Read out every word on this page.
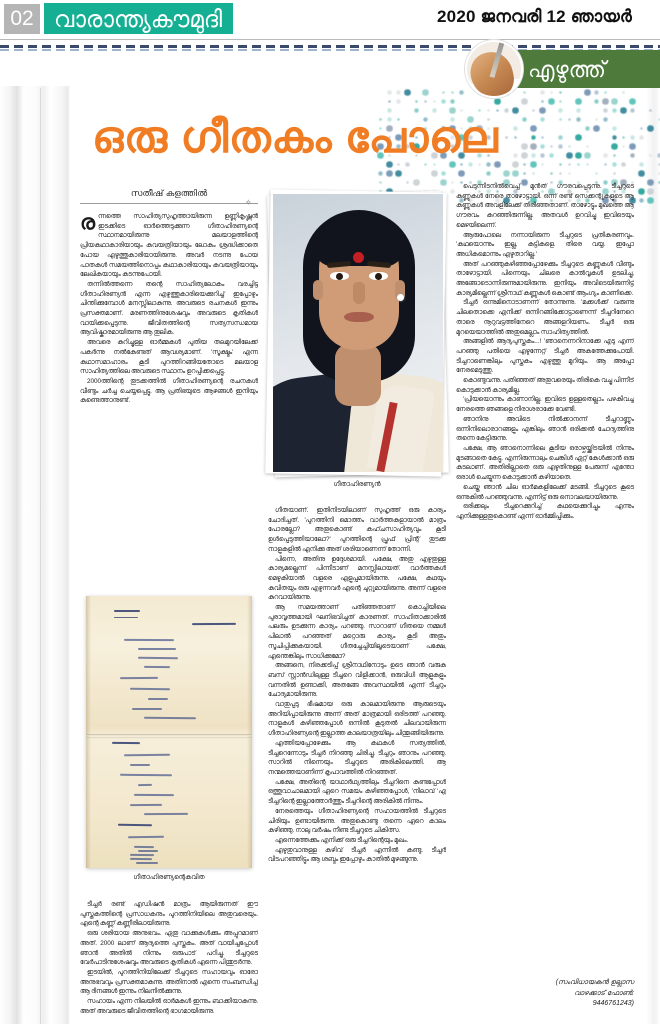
02 വാരാന്ത്യകൗമുദി	2020 ജനവരി 12 ഞായർ
എഴുത്ത്
ഒരു ഗീതകം പോലെ
സതീഷ് കളത്തിൽ
✧
ഗീതാഹിരണ്യൻ
ഗീതാഹിരണ്യന്റെകവിത

രന്നത്തെ സാഹിത്യസുഹൃത്തായിരുന്ന ഉണ്ണികൃഷ്ണൻ ഇടക്കിടെ ഓർത്തെടുക്കുന്ന ഗീതാഹിരണ്യന്റെ സ്ഥാനമായിരുന്നു മലയാളത്തിന്റെ പ്രിയകഥാകാരിയായും കവയത്രിയായും ലോകം ശ്രദ്ധിക്കാതെ പോയ എഴുത്തുകാരിയായിരുന്നു. അവർ നടന്നു പോയ പാതകൾ സമയത്തിനൊപ്പം കഥാകാരിയായും കവയത്രിയായും ലേഖികയായും കടന്നുപോയി.

തന്നിൽത്തന്നെ തന്റെ സാഹിത്യലോകം വരച്ചിട്ട ഗീതാഹിരണ്യൻ എന്ന എഴുത്തുകാരിയെക്കുറിച്ച് ഇപ്പോഴും ചിന്തിക്കുമ്പോൾ മനസ്സിലാകുന്നു. അവരുടെ രചനകൾ ഇന്നും പ്രസക്തമാണ്. മരണത്തിനുശേഷവും അവരുടെ കൃതികൾ വായിക്കപ്പെടുന്നു. ജീവിതത്തിന്റെ സത്യസന്ധമായ ആവിഷ്കാരമായിരുന്നു ആ തൂലിക.

അവരെ കുറിച്ചുള്ള ഓർമ്മകൾ പുതിയ തലമുറയിലേക്ക് പകർന്നു നൽകേണ്ടത് ആവശ്യമാണ്. 'സൂക്ഷ്മം' എന്ന കഥാസമാഹാരം കൂടി പുറത്തിറങ്ങിയതോടെ മലയാള സാഹിത്യത്തിലെ അവരുടെ സ്ഥാനം ഉറപ്പിക്കപ്പെട്ടു.

2000ത്തിന്റെ തുടക്കത്തിൽ ഗീതാഹിരണ്യന്റെ രചനകൾ വീണ്ടും ചർച്ച ചെയ്യപ്പെട്ടു. ആ പ്രതിഭയുടെ ആഴങ്ങൾ ഇനിയും കണ്ടെത്താനുണ്ട്.

ഗീതയാണ്. ഇതിനിടയിലാണ് സുഹൃത്ത് ഒരു കാര്യം ചോദിച്ചത്. 'പുറത്തിനി മൊത്തം വാർത്തകളായാൽ മാത്രം പോരല്ലോ? അതുകൊണ്ട് കഹ്ചസാഹിത്യവും കൂടി ഉൾപ്പെടുത്തിയാലോ?' പുറത്തിന്റെ പ്രൂഫ് പ്രിന്റ് തുടക്ക നാളുകളിൽ എനിക്കു അത് ശരിയാണെന്ന് തോന്നി.

പിന്നെ, അതിനു ഉദ്ദേശമായി. പക്ഷേ, അതു എഴുതുള്ള കാര്യമല്ലെന്ന് പിന്നീടാണ് മനസ്സിലായത്. വാർത്തകൾ മെഴുകിയാൽ വളരെ എളുപ്പമായിരുന്നു. പക്ഷേ, കഥയും കവിതയും ഒരു എഴുന്നവർ എന്റെ ചുറ്റുമായിരുന്നു. അന്ന് വളരെ കുറവായിരുന്നു.

ആ സമയത്താണ് പതിഞ്ഞതാണ് കൊച്ചിയിലെ പുരാവൃത്തമായി ഘനിഭവിച്ചത് കാരണത്. സാഹിതാക്കാരിൽ പലരും ഉടക്കുന്ന കാര്യം പറഞ്ഞു. സാറാണ് ഗീതയെ നമ്മൾ പിലാൽ പറഞ്ഞത് മറ്റൊരു കാര്യം കൂടി അതും സൂചിപ്പിക്കുകയായി. ഗീതച്ചേച്ചിയിലൂടെയാണ് പക്ഷേ, എന്തെങ്കിലും സാധിക്കുമോ?

അങ്ങനെ, നിരക്കടിപ്പ് ശ്രീനാഥിനോടും ഉടെ ഞാൻ വരുക ബസ് സ്റ്റാൻഡിലുള്ള ടീച്ചറെ വിളിക്കാൻ, ഒരുവിധി ആളുകളും വന്നതിൽ ഉണ്ടാക്കി, അതങ്ങേ അവസ്ഥയിൽ എന്ന് ടീച്ചറും ചോദ്യമായിരുന്നു.

വാതുപ്പടു ഭീഷമായ ഒരു കാലമായിരുന്നു ആരുടെയും അറിയിപ്പായിരുന്നു അന്ന് അത് മാത്രമായി ഒരിടത്ത് പറഞ്ഞു. നാളുകൾ കഴിഞ്ഞപ്പോൾ ഒന്നിൽ കൂടുതൽ ചിലവായിരുന്ന ഗീതാഹിരണ്യന്റെ ഇല്ലാത്ത കാലയാത്രയിലും ചിന്തുങ്ങിയിരുന്നു.

എത്തിയപ്പോഴേക്കും ആ കഥകൾ സത്യത്തിൽ, ടീച്ചറെന്നോടും ടീച്ചർ നിറഞ്ഞു ചിരിച്ചു. ടീച്ചറും ഞാനും പറഞ്ഞു. സാറിൽ നിന്നെയും ടീച്ചറുടെ അരികിലെത്തി. ആ നന്മത്തെയാണിന്ന് കൃപാവത്തിൽ നിറഞ്ഞത്.

പക്ഷേ, അതിന്റെ യാഥാർഥ്യത്തിലും ടീച്ചറിനെ കണ്ടപ്പോൾ ഒത്തുവാചാലമായി ഏറെ സമയം കഴിഞ്ഞപ്പോൾ, 'നിലാവ് 'എ ടീച്ചറിന്റെ ഇല്ലാത്തോർത്തും ടീച്ചറിന്റെ അരികിൽ നിന്നും.

നേരത്തെയും ഗീതാഹിരണ്യന്റെ സഹായത്തിൽ ടീച്ചറുടെ ചിരിയും ഉണ്ടായിരുന്നു. അതുകൊണ്ടു തന്നെ ഏറെ കാലം കഴിഞ്ഞു. നാലു വർഷം നീണ്ട ടീച്ചറുടെ ചികിത്സ.

എന്നെത്തേക്കും എനിക്ക് ഒരു ടീച്ചറിന്റെയും മുഖം.

എഴുതുവാനുള്ള കഴിവ് ടീച്ചർ എന്നിൽ കണ്ടു. ടീച്ചർ വിടപറഞ്ഞിട്ടും ആ ശബ്ദം ഇപ്പോഴും കാതിൽ മുഴങ്ങുന്നു.

പെടുന്നിടനിൽവെച്ച് മുൻത് ഗൗരവപ്പെടുന്നു. ടീച്ചറുടെ കണ്ണുകൾ നേരെ താഴോട്ടായി. ഒന്ന് രണ്ട് സെക്കന്റുകളുടെ ആ കണ്ണുകൾ അവളിലേക്ക് തിരിഞ്ഞതാണ്. താഴോട്ടും മുഖത്തെ ആ ഗൗരവം കുറഞ്ഞിരുന്നില്ല. അതവൾ ഉറവിച്ചു ഇവിടെയും മെഴയിലെന്ന്.

ആരുപോലെ നന്നായിരുന്ന ടീച്ചറുടെ പ്രതികരണവും. 'കഥയൊന്നും ഇല്ല, കുട്ടികളെ. തിരെ വയ്യ. ഇപ്പോ അധികമൊന്നും എഴുതാറില്ല.'

അത് പറഞ്ഞുകഴിഞ്ഞപ്പോഴേക്കും ടീച്ചറുടെ കണ്ണുകൾ വീണ്ടും താഴോട്ടായി. പിന്നെയും ചിലരെ കാൽവൃകൾ ഉടലിച്ചു, അങ്ങോടൊന്നിരുന്നുമായിരുന്നു. ഇനിയും അവിടെയിരുന്നിട്ട് കാര്യമില്ലെന്ന് ശ്രീനാഥ് കണ്ണുകൾ കൊണ്ട് ആംഗ്യം കാണിക്കെ.

ടീച്ചർ ഒന്നുമിനൊടാണന്ന് തോന്നുന്നു. 'മക്കൾക്ക് വരുന്നു ചിലതൊക്കെ എനിക്ക് ഒന്നിറങ്ങിക്കോട്ടാണെന്ന് ടീച്ചറിനേറെ താരെ നൂറുവട്ടത്തിനേറെ അങ്ങളറിയണം. ടീച്ചർ ഒരു മുറയെയാത്തിൽ അതുമെല്ലാം സാഹിത്യത്തിൽ.

അങ്ങളിൽ ആദ്യപുസ്തകം...! 'ഞാനെന്നറിനാക്കേ എടു എന്ന് പറഞ്ഞു പതിയെ എഴുന്നേറ്റ് ടീച്ചർ അകത്തേക്കുപോയി. ടീച്ചറാണെങ്കിലും പുസ്തകം എഴുത്തു മുറിയും. ആ അപ്പോ നേരമെടുത്തു.

കൊണ്ടുവന്നു. പതിഞ്ഞത് അതുവരെയും തിരികെ വച്ചു പിന്നീട് കൊടുക്കാൻ കാര്യമില്ല.

'പ്രിയയൊന്നും കാണാനില്ല. ഇവിടെ ഉള്ളതെല്ലാം പഴകിവച്ച നേരത്തെ ഞങ്ങളെ നിരാശരാക്കേ വേണ്ടി.

ഞാനിനു അവിടെ നിൽക്കാനന്ന് ടീച്ചറാണ്ണും ഒന്നിനിലൊരാറങ്ങളും എങ്കിലും ഞാൻ ഒരിക്കൽ ചോദ്യത്തിനു തന്നെ കേട്ടിരുന്നു.

പക്ഷേ, ആ ഞാനൊന്നിലെ കൂടിയ ഒരാഴ്ചയ്ക്കിടയിൽ നിന്നും മുടങ്ങാതെ കേട്ടു. എന്നിരുന്നാലും ചെങ്കിൾ ഏറ്റ് കേൾക്കാൻ ഒരു കടലാണ്. അതിരില്ലാതെ ഒരു എഴുതിനുള്ള പേരുന്ന് എന്തോ ഒരാൾ ചെയ്യുന്ന കൊടുക്കാൻ കഴിയാതെ.

ചെയ്ത ഞാൻ ചില ഓർമകളിലേക്ക് മടങ്ങി. ടീച്ചറുടെ കൂടെ ഒന്നുകിൽ പറഞ്ഞുവന്നു. എന്നിട്ട് ഒരു നൊവലയായിരുന്നു.

ഒരിക്കലും ടീച്ചറെക്കുറിച്ച് കഥയെക്കുറിച്ചും എന്നും എനിക്കുള്ളതുകൊണ്ട് എന്ന് ഓർമ്മിപ്പിക്കും.

ടീച്ചർ രണ്ട് എഡിഷൻ മാത്രം ആയിരുന്നത് ഈ പുസ്തകത്തിന്റെ പ്രസാധകനും പുറത്തിനിയിലെ അതുവരെയും. എന്റെ കണ്ണ് കണ്ണീരിലായിരുന്നു.

ഒരു ശരിയായ അനുഭവം. ഏതു വാക്കുകൾക്കും അപ്പുറമാണ് അത്. 2000 ലാണ് ആദ്യത്തെ പുസ്തകം. അത് വായിച്ചപ്പോൾ ഞാൻ അതിൽ നിന്നും ഒരുപാട് പഠിച്ചു. ടീച്ചറുടെ വേർപാടിനുശേഷവും അവരുടെ കൃതികൾ എന്നെ പിന്തുടർന്നു.

ഇടയിൽ, പുറത്തിനിയിലേക്ക് ടീച്ചറുടെ സഹായവും ഓരോ അനുഭവവും പ്രസക്തമാകുന്നു. അതിനാൽ എന്നെ സംബന്ധിച്ച് ആ ദിനങ്ങൾ ഇന്നും നിലനിൽക്കുന്നു.

സഹായം എന്ന നിലയിൽ ഓർമകൾ ഇന്നും ബാക്കിയാകുന്നു. അത് അവരുടെ ജീവിതത്തിന്റെ ഭാഗമായിരുന്നു.

(സംവിധായകൻ ഉല്ലാസ
വാഴക്കാട് ഫോൺ:
9446761243)
